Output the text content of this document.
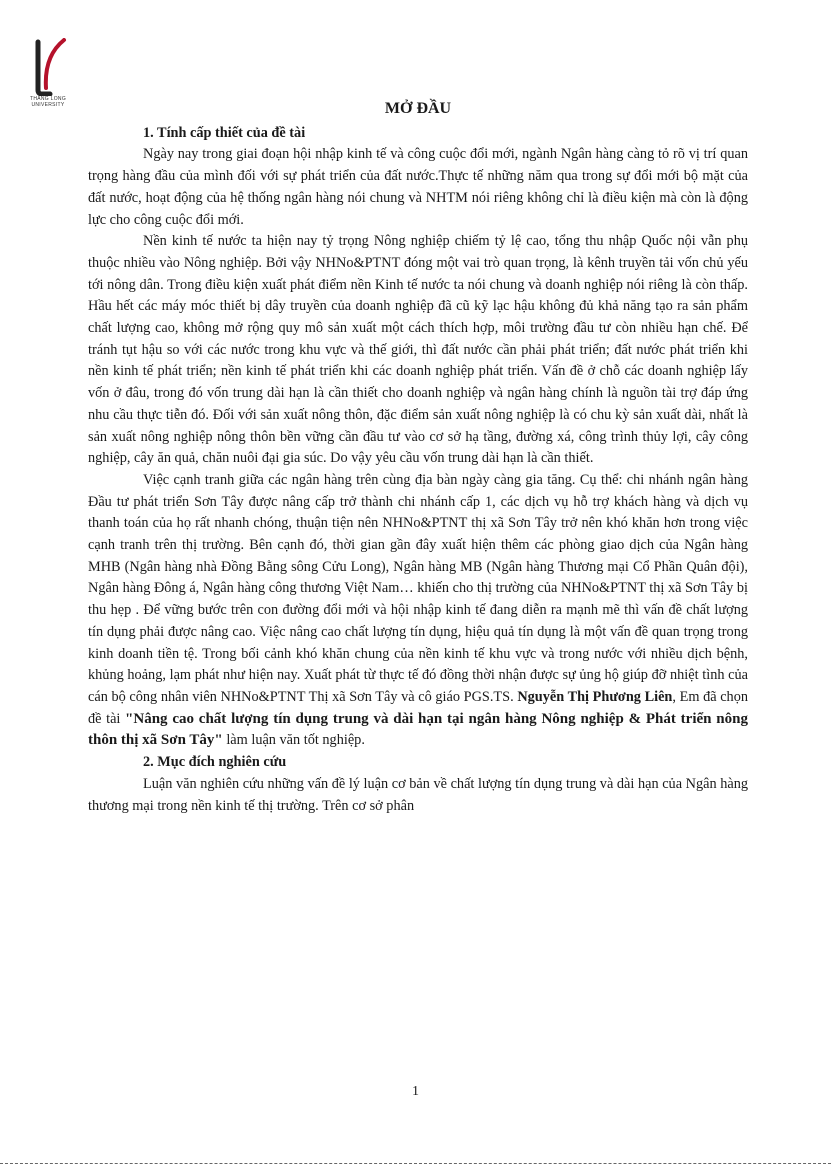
THANG LONG
UNIVERSITY	MỞ ĐẦU
1. Tính cấp thiết của đề tài

Ngày nay trong giai đoạn hội nhập kinh tế và công cuộc đổi mới, ngành Ngân hàng càng tỏ rõ vị trí quan trọng hàng đầu của mình đối với sự phát triển của đất nước.Thực tế những năm qua trong sự đổi mới bộ mặt của đất nước, hoạt động của hệ thống ngân hàng nói chung và NHTM nói riêng không chỉ là điều kiện mà còn là động lực cho công cuộc đổi mới.

Nền kinh tế nước ta hiện nay tỷ trọng Nông nghiệp chiếm tỷ lệ cao, tổng thu nhập Quốc nội vẫn phụ thuộc nhiều vào Nông nghiệp. Bởi vậy NHNo&PTNT đóng một vai trò quan trọng, là kênh truyền tải vốn chủ yếu tới nông dân. Trong điều kiện xuất phát điểm nền Kinh tế nước ta nói chung và doanh nghiệp nói riêng là còn thấp. Hầu hết các máy móc thiết bị dây truyền của doanh nghiệp đã cũ kỹ lạc hậu không đủ khả năng tạo ra sản phẩm chất lượng cao, không mở rộng quy mô sản xuất một cách thích hợp, môi trường đầu tư còn nhiều hạn chế. Để tránh tụt hậu so với các nước trong khu vực và thế giới, thì đất nước cần phải phát triển; đất nước phát triển khi nền kinh tế phát triển; nền kinh tế phát triển khi các doanh nghiệp phát triển. Vấn đề ở chỗ các doanh nghiệp lấy vốn ở đâu, trong đó vốn trung dài hạn là cần thiết cho doanh nghiệp và ngân hàng chính là nguồn tài trợ đáp ứng nhu cầu thực tiễn đó. Đối với sản xuất nông thôn, đặc điểm sản xuất nông nghiệp là có chu kỳ sản xuất dài, nhất là sản xuất nông nghiệp nông thôn bền vững cần đầu tư vào cơ sở hạ tầng, đường xá, công trình thủy lợi, cây công nghiệp, cây ăn quả, chăn nuôi đại gia súc. Do vậy yêu cầu vốn trung dài hạn là cần thiết.

Việc cạnh tranh giữa các ngân hàng trên cùng địa bàn ngày càng gia tăng. Cụ thể: chi nhánh ngân hàng Đầu tư phát triển Sơn Tây được nâng cấp trở thành chi nhánh cấp 1, các dịch vụ hỗ trợ khách hàng và dịch vụ thanh toán của họ rất nhanh chóng, thuận tiện nên NHNo&PTNT thị xã Sơn Tây trở nên khó khăn hơn trong việc cạnh tranh trên thị trường. Bên cạnh đó, thời gian gần đây xuất hiện thêm các phòng giao dịch của Ngân hàng MHB (Ngân hàng nhà Đồng Bằng sông Cửu Long), Ngân hàng MB (Ngân hàng Thương mại Cổ Phần Quân đội), Ngân hàng Đông á, Ngân hàng công thương Việt Nam… khiến cho thị trường của NHNo&PTNT thị xã Sơn Tây bị thu hẹp . Để vững bước trên con đường đổi mới và hội nhập kinh tế đang diễn ra mạnh mẽ thì vấn đề chất lượng tín dụng phải được nâng cao. Việc nâng cao chất lượng tín dụng, hiệu quả tín dụng là một vấn đề quan trọng trong kinh doanh tiền tệ. Trong bối cảnh khó khăn chung của nền kinh tế khu vực và trong nước với nhiều dịch bệnh, khủng hoảng, lạm phát như hiện nay. Xuất phát từ thực tế đó đồng thời nhận được sự ủng hộ giúp đỡ nhiệt tình của cán bộ công nhân viên NHNo&PTNT Thị xã Sơn Tây và cô giáo PGS.TS. Nguyễn Thị Phương Liên, Em đã chọn đề tài "Nâng cao chất lượng tín dụng trung và dài hạn tại ngân hàng Nông nghiệp & Phát triển nông thôn thị xã Sơn Tây" làm luận văn tốt nghiệp.

2. Mục đích nghiên cứu

Luận văn nghiên cứu những vấn đề lý luận cơ bản về chất lượng tín dụng trung và dài hạn của Ngân hàng thương mại trong nền kinh tế thị trường. Trên cơ sở phân

1
